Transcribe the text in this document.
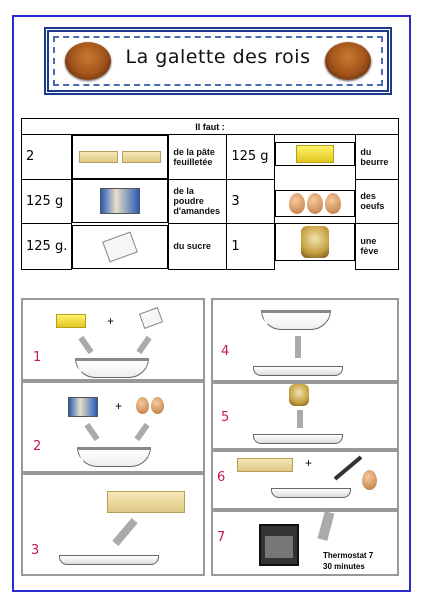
La galette des rois
Il faut :			
2	de la pâte feuilletée	125 g	du beurre
125 g	de la poudre d'amandes	3	des oeufs
125 g.	du sucre	1	une fève
+
1
+
2
3
4
5
+
6
7
Thermostat 7
30 minutes
